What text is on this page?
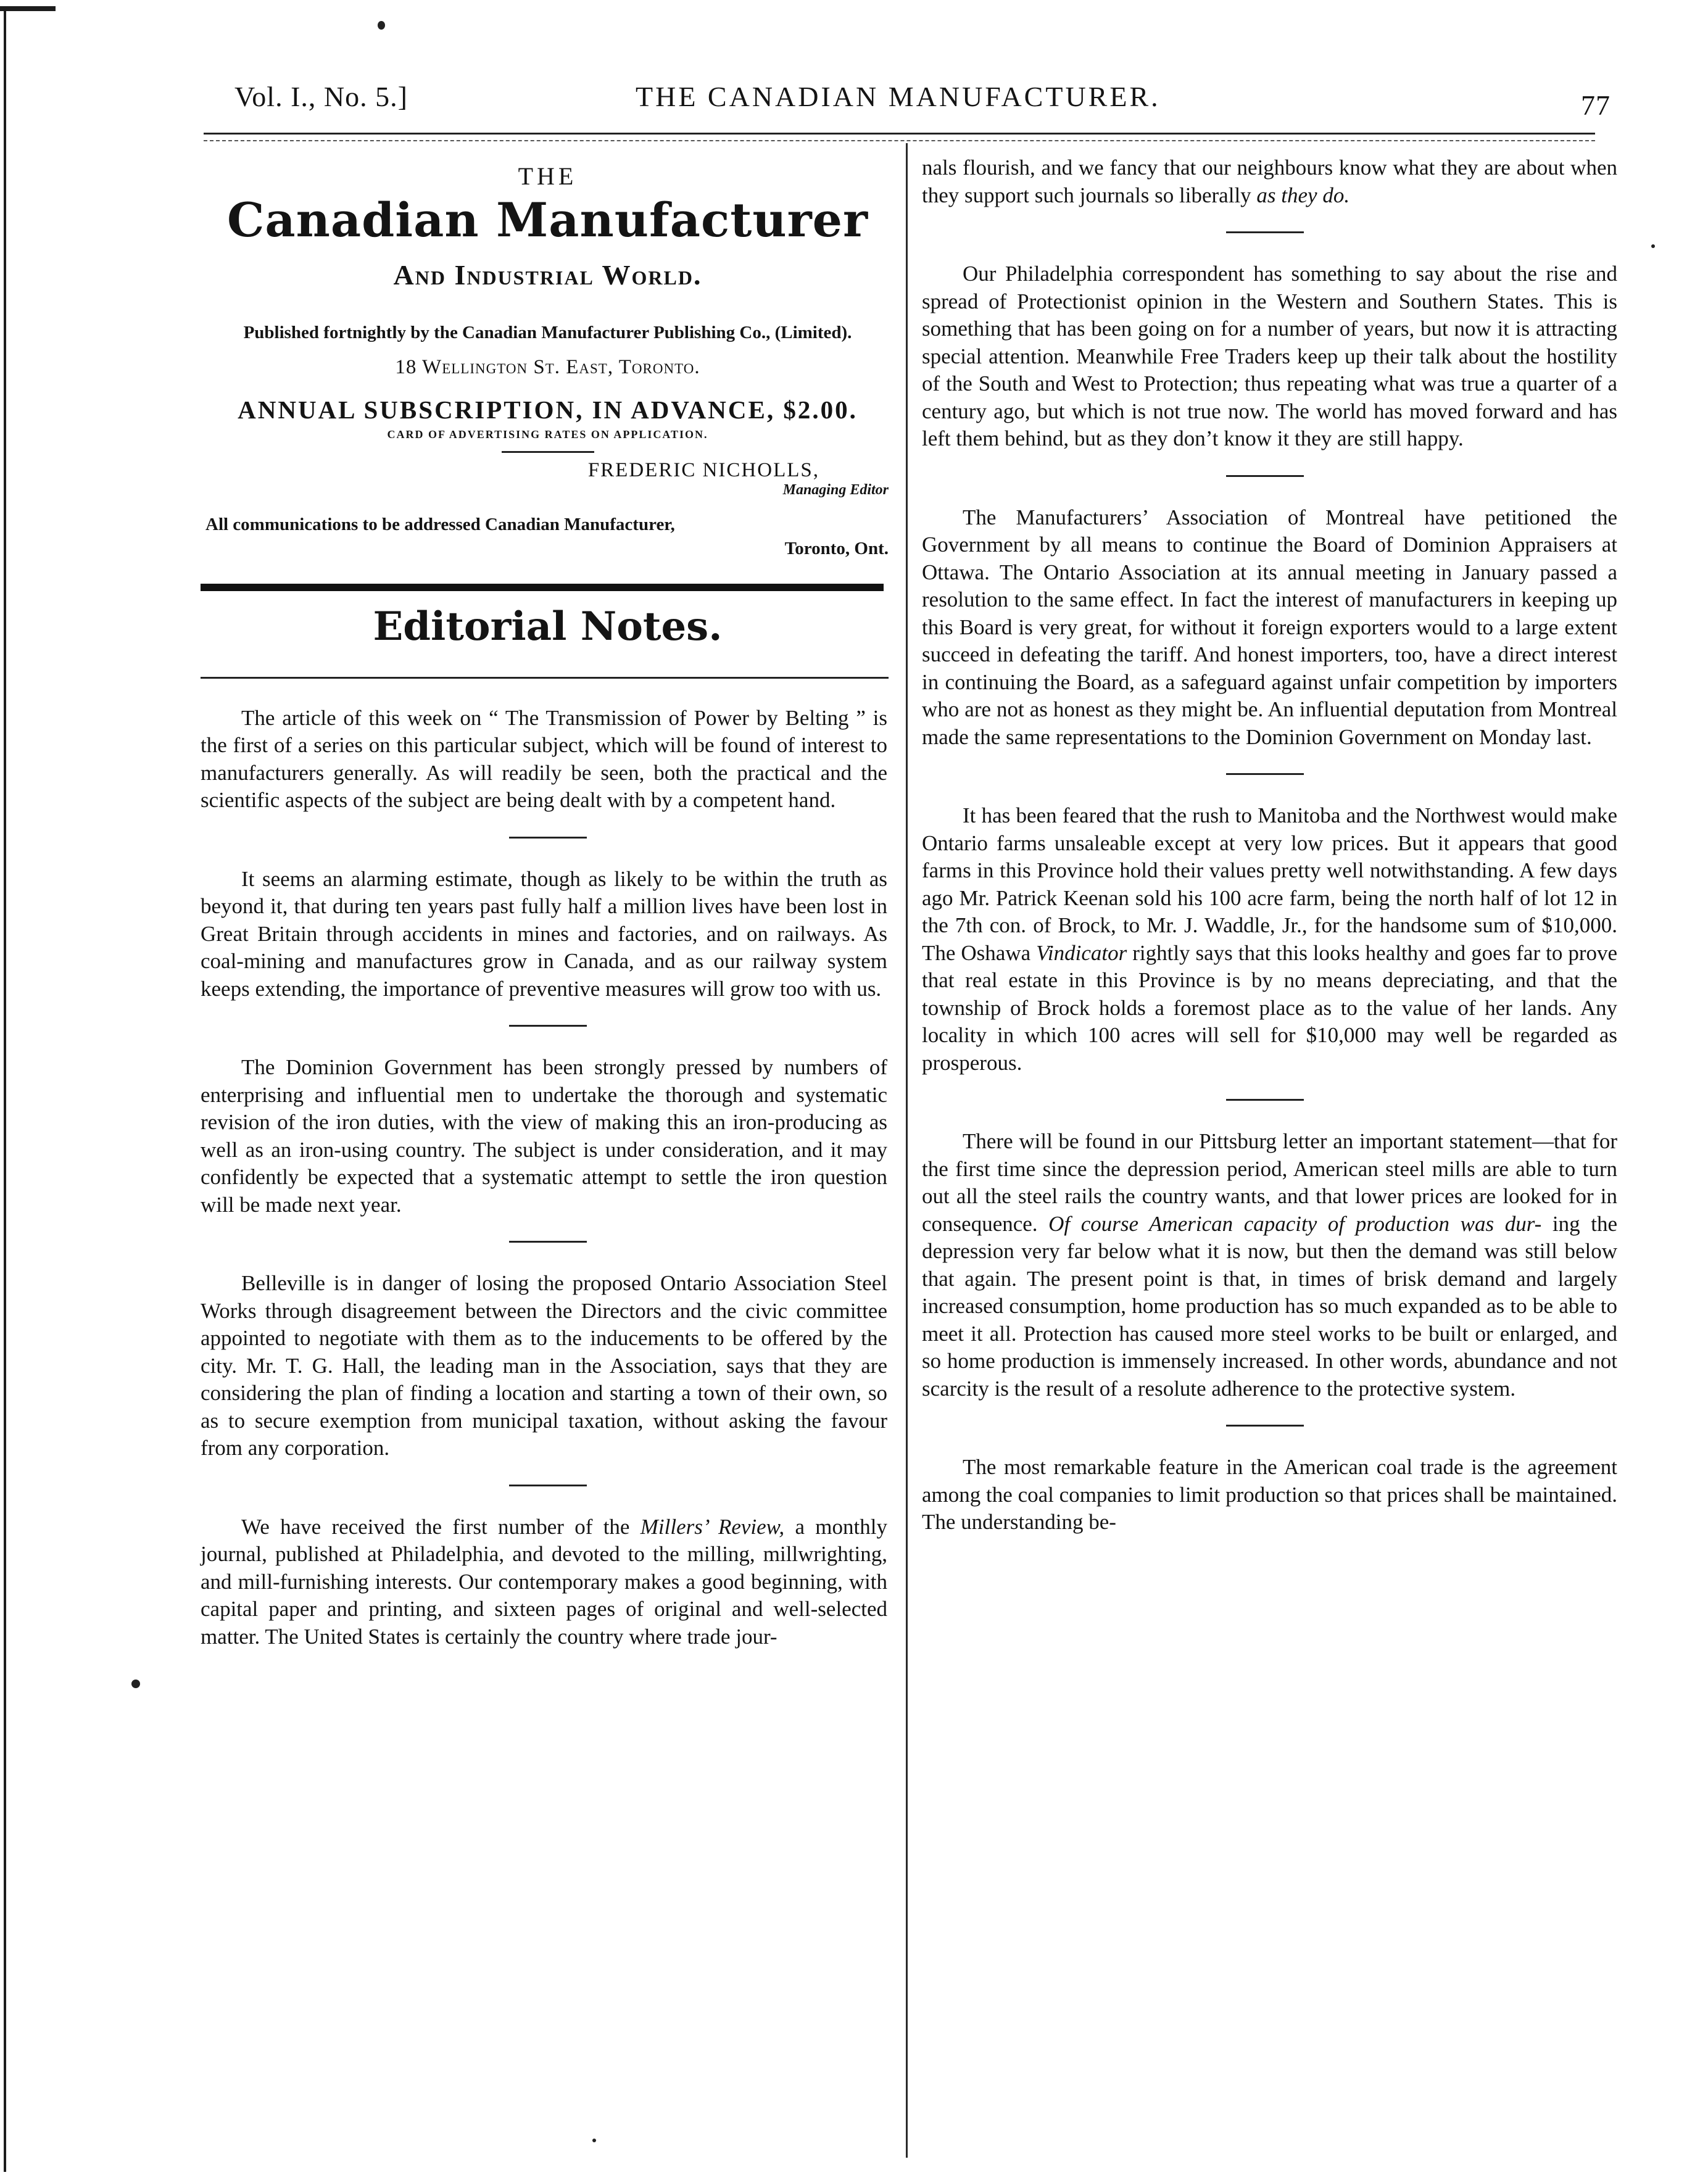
Vol. I., No. 5.]	THE CANADIAN MANUFACTURER.	77
THE
Canadian Manufacturer
And Industrial World.
Published fortnightly by the Canadian Manufacturer Publishing Co., (Limited).
18 Wellington St. East, Toronto.
ANNUAL SUBSCRIPTION, IN ADVANCE, $2.00.
CARD OF ADVERTISING RATES ON APPLICATION.
FREDERIC NICHOLLS,
Managing Editor
All communications to be addressed Canadian Manufacturer,
Toronto, Ont.
Editorial Notes.

The article of this week on “ The Transmission of Power by Belting ” is the first of a series on this particular subject, which will be found of interest to manufacturers generally. As will readily be seen, both the practical and the scientific aspects of the subject are being dealt with by a competent hand.

It seems an alarming estimate, though as likely to be within the truth as beyond it, that during ten years past fully half a million lives have been lost in Great Britain through accidents in mines and factories, and on railways. As coal-mining and manufactures grow in Canada, and as our railway system keeps extending, the importance of preventive measures will grow too with us.

The Dominion Government has been strongly pressed by numbers of enterprising and influential men to undertake the thorough and systematic revision of the iron duties, with the view of making this an iron-producing as well as an iron-using country. The subject is under consideration, and it may confidently be expected that a systematic attempt to settle the iron question will be made next year.

Belleville is in danger of losing the proposed Ontario Association Steel Works through disagreement between the Directors and the civic committee appointed to negotiate with them as to the inducements to be offered by the city. Mr. T. G. Hall, the leading man in the Association, says that they are considering the plan of finding a location and starting a town of their own, so as to secure exemption from municipal taxation, without asking the favour from any corporation.

We have received the first number of the Millers’ Review, a monthly journal, published at Philadelphia, and devoted to the milling, millwrighting, and mill-furnishing interests. Our contemporary makes a good beginning, with capital paper and printing, and sixteen pages of original and well-selected matter. The United States is certainly the country where trade jour-

nals flourish, and we fancy that our neighbours know what they are about when they support such journals so liberally as they do.

Our Philadelphia correspondent has something to say about the rise and spread of Protectionist opinion in the Western and Southern States. This is something that has been going on for a number of years, but now it is attracting special attention. Meanwhile Free Traders keep up their talk about the hostility of the South and West to Protection; thus repeating what was true a quarter of a century ago, but which is not true now. The world has moved forward and has left them behind, but as they don’t know it they are still happy.

The Manufacturers’ Association of Montreal have petitioned the Government by all means to continue the Board of Dominion Appraisers at Ottawa. The Ontario Association at its annual meeting in January passed a resolution to the same effect. In fact the interest of manufacturers in keeping up this Board is very great, for without it foreign exporters would to a large extent succeed in defeating the tariff. And honest importers, too, have a direct interest in continuing the Board, as a safeguard against unfair competition by importers who are not as honest as they might be. An influential deputation from Montreal made the same representations to the Dominion Government on Monday last.

It has been feared that the rush to Manitoba and the Northwest would make Ontario farms unsaleable except at very low prices. But it appears that good farms in this Province hold their values pretty well notwithstanding. A few days ago Mr. Patrick Keenan sold his 100 acre farm, being the north half of lot 12 in the 7th con. of Brock, to Mr. J. Waddle, Jr., for the handsome sum of $10,000. The Oshawa Vindicator rightly says that this looks healthy and goes far to prove that real estate in this Province is by no means depreciating, and that the township of Brock holds a foremost place as to the value of her lands. Any locality in which 100 acres will sell for $10,000 may well be regarded as prosperous.

There will be found in our Pittsburg letter an important statement—that for the first time since the depression period, American steel mills are able to turn out all the steel rails the country wants, and that lower prices are looked for in consequence. Of course American capacity of production was dur- ing the depression very far below what it is now, but then the demand was still below that again. The present point is that, in times of brisk demand and largely increased consumption, home production has so much expanded as to be able to meet it all. Protection has caused more steel works to be built or enlarged, and so home production is immensely increased. In other words, abundance and not scarcity is the result of a resolute adherence to the protective system.

The most remarkable feature in the American coal trade is the agreement among the coal companies to limit production so that prices shall be maintained. The understanding be-
